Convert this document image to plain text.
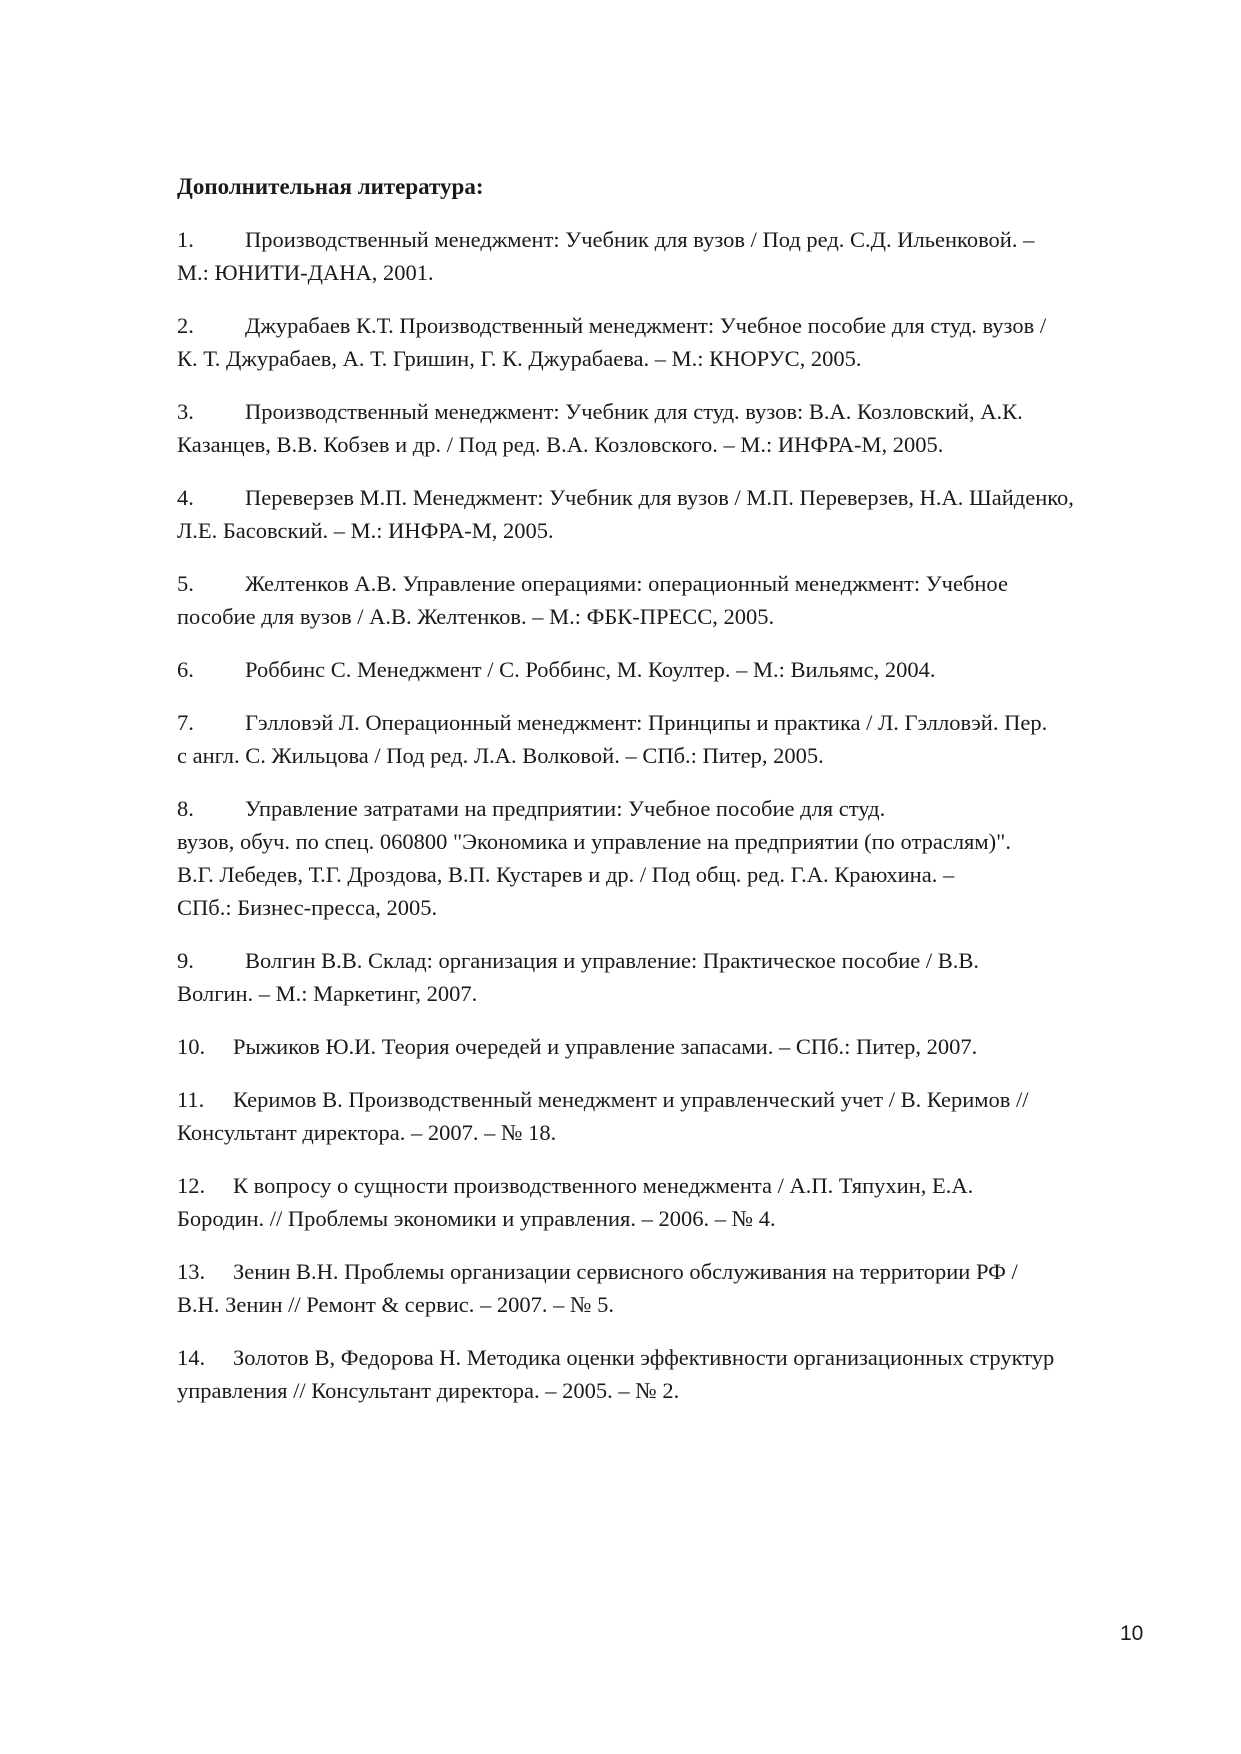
Дополнительная литература:
1. Производственный менеджмент: Учебник для вузов / Под ред. С.Д. Ильенковой. –
М.: ЮНИТИ-ДАНА, 2001.
2. Джурабаев К.Т. Производственный менеджмент: Учебное пособие для студ. вузов /
К. Т. Джурабаев, А. Т. Гришин, Г. К. Джурабаева. – М.: КНОРУС, 2005.
3. Производственный менеджмент: Учебник для студ. вузов: В.А. Козловский, А.К.
Казанцев, В.В. Кобзев и др. / Под ред. В.А. Козловского. – М.: ИНФРА-М, 2005.
4. Переверзев М.П. Менеджмент: Учебник для вузов / М.П. Переверзев, Н.А. Шайденко,
Л.Е. Басовский. – М.: ИНФРА-М, 2005.
5. Желтенков А.В. Управление операциями: операционный менеджмент: Учебное
пособие для вузов / А.В. Желтенков. – М.: ФБК-ПРЕСС, 2005.
6. Роббинс С. Менеджмент / С. Роббинс, М. Коултер. – М.: Вильямс, 2004.
7. Гэлловэй Л. Операционный менеджмент: Принципы и практика / Л. Гэлловэй. Пер.
с англ. С. Жильцова / Под ред. Л.А. Волковой. – СПб.: Питер, 2005.
8. Управление затратами на предприятии: Учебное пособие для студ.
вузов, обуч. по спец. 060800 "Экономика и управление на предприятии (по отраслям)".
В.Г. Лебедев, Т.Г. Дроздова, В.П. Кустарев и др. / Под общ. ред. Г.А. Краюхина. –
СПб.: Бизнес-пресса, 2005.
9. Волгин В.В. Склад: организация и управление: Практическое пособие / В.В.
Волгин. – М.: Маркетинг, 2007.
10. Рыжиков Ю.И. Теория очередей и управление запасами. – СПб.: Питер, 2007.
11. Керимов В. Производственный менеджмент и управленческий учет / В. Керимов //
Консультант директора. – 2007. – № 18.
12. К вопросу о сущности производственного менеджмента / А.П. Тяпухин, Е.А.
Бородин. // Проблемы экономики и управления. – 2006. – № 4.
13. Зенин В.Н. Проблемы организации сервисного обслуживания на территории РФ /
В.Н. Зенин // Ремонт & сервис. – 2007. – № 5.
14. Золотов В, Федорова Н. Методика оценки эффективности организационных структур
управления // Консультант директора. – 2005. – № 2.
10
